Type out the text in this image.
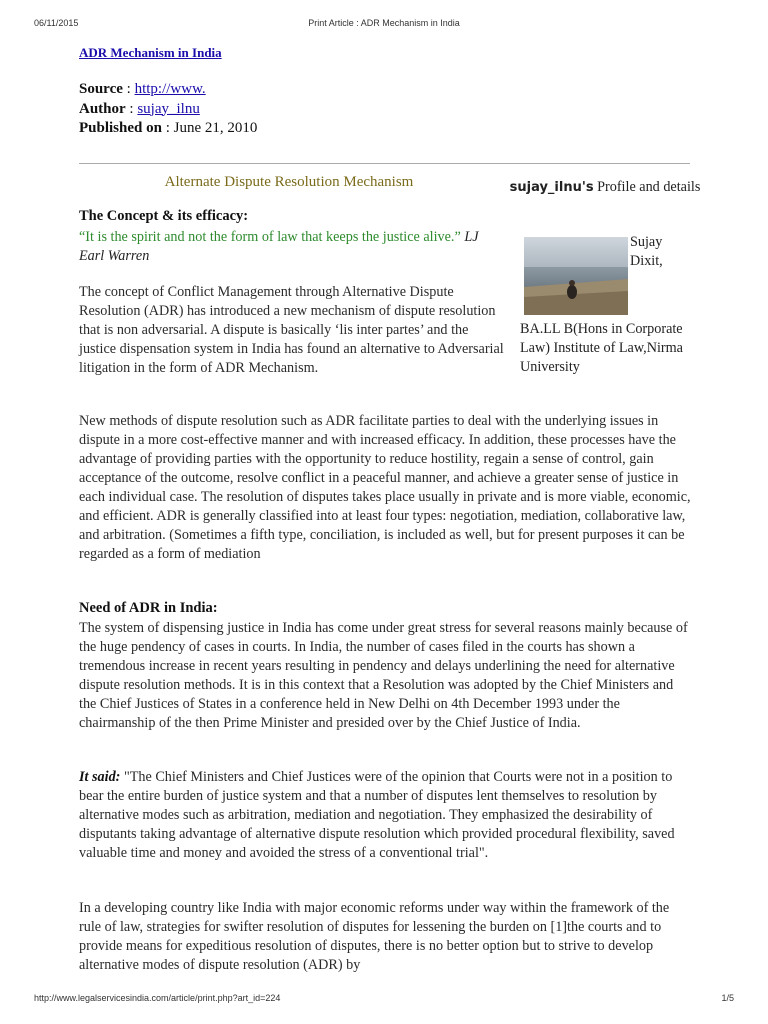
06/11/2015	Print Article : ADR Mechanism in India
ADR Mechanism in India
Source : http://www.
Author : sujay_ilnu
Published on : June 21, 2010
Alternate Dispute Resolution Mechanism
The Concept & its efficacy:
“It is the spirit and not the form of law that keeps the justice alive.” LJ Earl Warren
The concept of Conflict Management through Alternative Dispute Resolution (ADR) has introduced a new mechanism of dispute resolution that is non adversarial. A dispute is basically ‘lis inter partes’ and the justice dispensation system in India has found an alternative to Adversarial litigation in the form of ADR Mechanism.
New methods of dispute resolution such as ADR facilitate parties to deal with the underlying issues in dispute in a more cost-effective manner and with increased efficacy. In addition, these processes have the advantage of providing parties with the opportunity to reduce hostility, regain a sense of control, gain acceptance of the outcome, resolve conflict in a peaceful manner, and achieve a greater sense of justice in each individual case. The resolution of disputes takes place usually in private and is more viable, economic, and efficient. ADR is generally classified into at least four types: negotiation, mediation, collaborative law, and arbitration. (Sometimes a fifth type, conciliation, is included as well, but for present purposes it can be regarded as a form of mediation
Need of ADR in India:
The system of dispensing justice in India has come under great stress for several reasons mainly because of the huge pendency of cases in courts. In India, the number of cases filed in the courts has shown a tremendous increase in recent years resulting in pendency and delays underlining the need for alternative dispute resolution methods. It is in this context that a Resolution was adopted by the Chief Ministers and the Chief Justices of States in a conference held in New Delhi on 4th December 1993 under the chairmanship of the then Prime Minister and presided over by the Chief Justice of India.
It said: "The Chief Ministers and Chief Justices were of the opinion that Courts were not in a position to bear the entire burden of justice system and that a number of disputes lent themselves to resolution by alternative modes such as arbitration, mediation and negotiation. They emphasized the desirability of disputants taking advantage of alternative dispute resolution which provided procedural flexibility, saved valuable time and money and avoided the stress of a conventional trial".
In a developing country like India with major economic reforms under way within the framework of the rule of law, strategies for swifter resolution of disputes for lessening the burden on [1]the courts and to provide means for expeditious resolution of disputes, there is no better option but to strive to develop alternative modes of dispute resolution (ADR) by
sujay_ilnu's Profile and details
Sujay Dixit,
BA.LL B(Hons in Corporate Law) Institute of Law,Nirma University
http://www.legalservicesindia.com/article/print.php?art_id=224	1/5
